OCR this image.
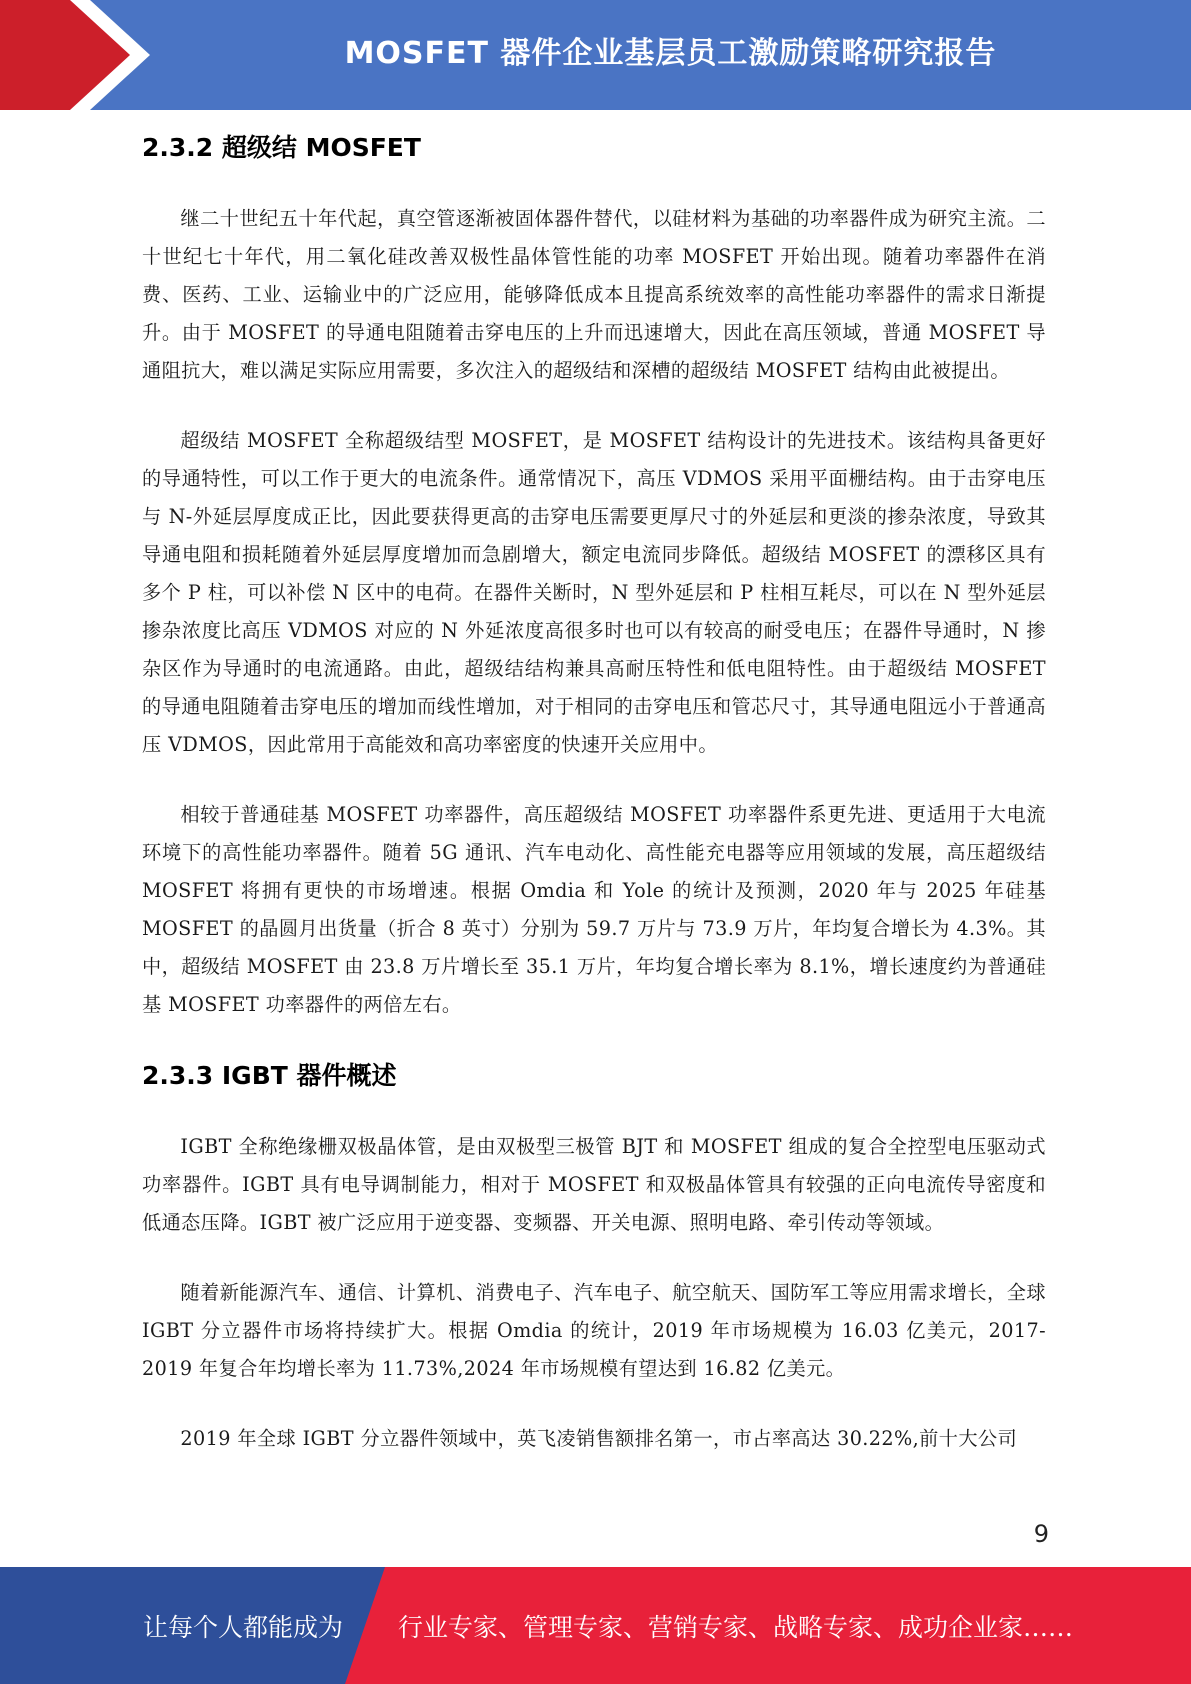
MOSFET 器件企业基层员工激励策略研究报告
2.3.2 超级结 MOSFET

继二十世纪五十年代起，真空管逐渐被固体器件替代，以硅材料为基础的功率器件成为研究主流。二十世纪七十年代，用二氧化硅改善双极性晶体管性能的功率 MOSFET 开始出现。随着功率器件在消费、医药、工业、运输业中的广泛应用，能够降低成本且提高系统效率的高性能功率器件的需求日渐提升。由于 MOSFET 的导通电阻随着击穿电压的上升而迅速增大，因此在高压领域，普通 MOSFET 导通阻抗大，难以满足实际应用需要，多次注入的超级结和深槽的超级结 MOSFET 结构由此被提出。

超级结 MOSFET 全称超级结型 MOSFET，是 MOSFET 结构设计的先进技术。该结构具备更好的导通特性，可以工作于更大的电流条件。通常情况下，高压 VDMOS 采用平面栅结构。由于击穿电压与 N-外延层厚度成正比，因此要获得更高的击穿电压需要更厚尺寸的外延层和更淡的掺杂浓度，导致其导通电阻和损耗随着外延层厚度增加而急剧增大，额定电流同步降低。超级结 MOSFET 的漂移区具有多个 P 柱，可以补偿 N 区中的电荷。在器件关断时，N 型外延层和 P 柱相互耗尽，可以在 N 型外延层掺杂浓度比高压 VDMOS 对应的 N 外延浓度高很多时也可以有较高的耐受电压；在器件导通时，N 掺杂区作为导通时的电流通路。由此，超级结结构兼具高耐压特性和低电阻特性。由于超级结 MOSFET 的导通电阻随着击穿电压的增加而线性增加，对于相同的击穿电压和管芯尺寸，其导通电阻远小于普通高压 VDMOS，因此常用于高能效和高功率密度的快速开关应用中。

相较于普通硅基 MOSFET 功率器件，高压超级结 MOSFET 功率器件系更先进、更适用于大电流环境下的高性能功率器件。随着 5G 通讯、汽车电动化、高性能充电器等应用领域的发展，高压超级结 MOSFET 将拥有更快的市场增速。根据 Omdia 和 Yole 的统计及预测，2020 年与 2025 年硅基 MOSFET 的晶圆月出货量（折合 8 英寸）分别为 59.7 万片与 73.9 万片，年均复合增长为 4.3%。其中，超级结 MOSFET 由 23.8 万片增长至 35.1 万片，年均复合增长率为 8.1%，增长速度约为普通硅基 MOSFET 功率器件的两倍左右。

2.3.3 IGBT 器件概述

IGBT 全称绝缘栅双极晶体管，是由双极型三极管 BJT 和 MOSFET 组成的复合全控型电压驱动式功率器件。IGBT 具有电导调制能力，相对于 MOSFET 和双极晶体管具有较强的正向电流传导密度和低通态压降。IGBT 被广泛应用于逆变器、变频器、开关电源、照明电路、牵引传动等领域。

随着新能源汽车、通信、计算机、消费电子、汽车电子、航空航天、国防军工等应用需求增长，全球 IGBT 分立器件市场将持续扩大。根据 Omdia 的统计，2019 年市场规模为 16.03 亿美元，2017-2019 年复合年均增长率为 11.73%,2024 年市场规模有望达到 16.82 亿美元。

2019 年全球 IGBT 分立器件领域中，英飞凌销售额排名第一，市占率高达 30.22%,前十大公司

9
让每个人都能成为 行业专家、管理专家、营销专家、战略专家、成功企业家……
